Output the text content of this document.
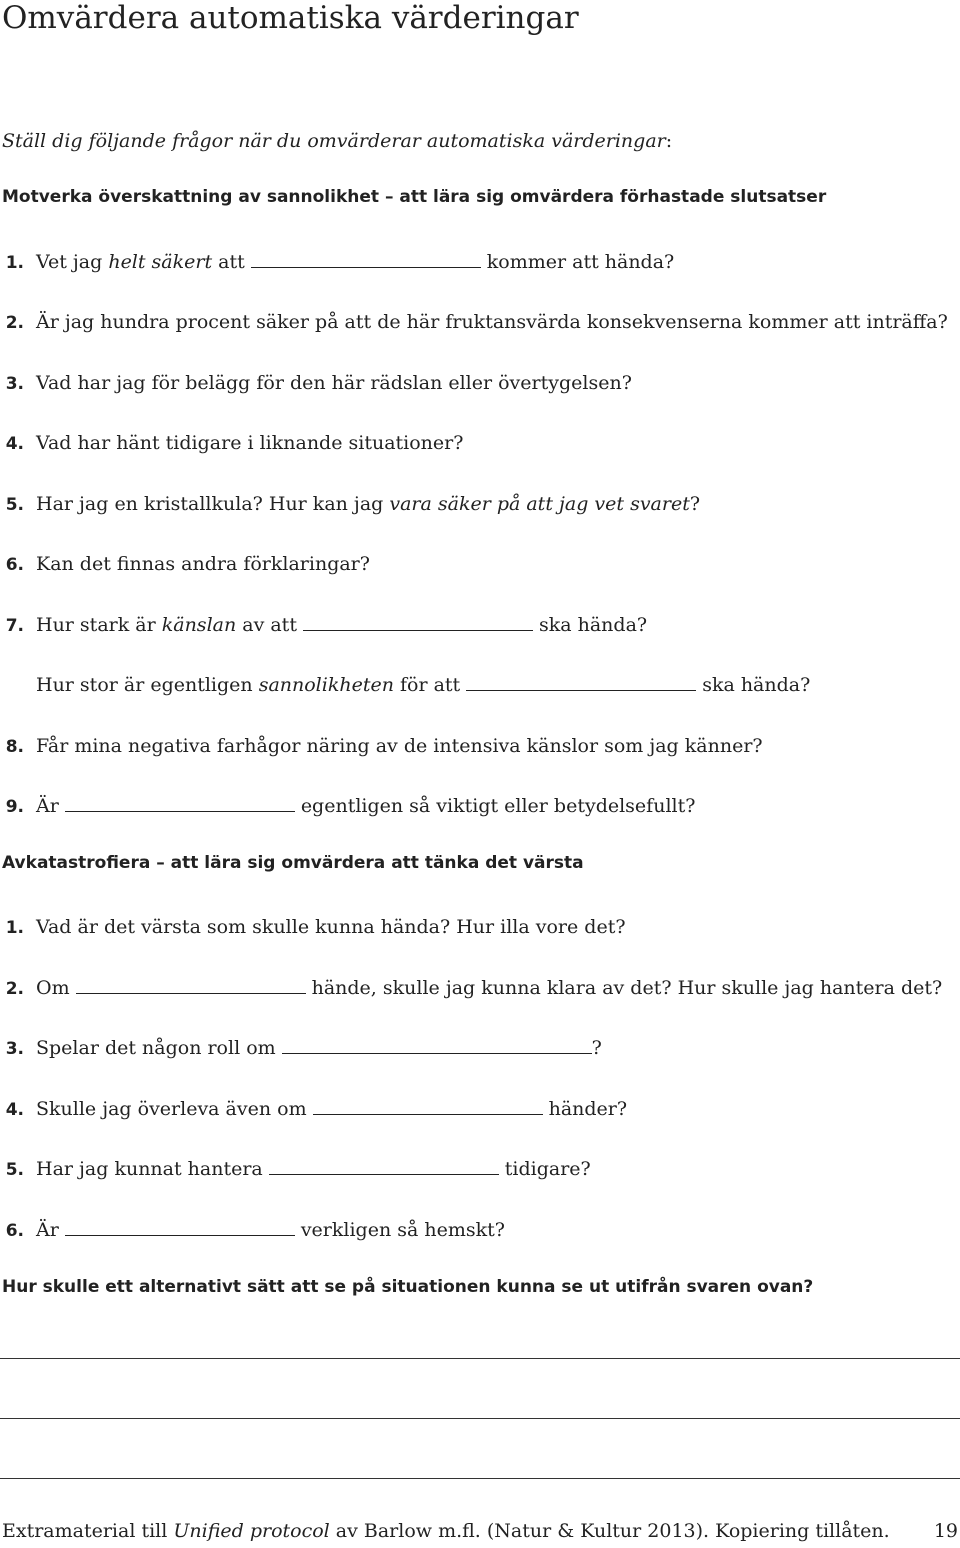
Omvärdera automatiska värderingar
Ställ dig följande frågor när du omvärderar automatiska värderingar:
Motverka överskattning av sannolikhet – att lära sig omvärdera förhastade slutsatser
1. Vet jag helt säkert att	kommer att hända?
2. Är jag hundra procent säker på att de här fruktansvärda konsekvenserna kommer att inträffa?
3. Vad har jag för belägg för den här rädslan eller övertygelsen?
4. Vad har hänt tidigare i liknande situationer?
5. Har jag en kristallkula? Hur kan jag vara säker på att jag vet svaret?
6. Kan det finnas andra förklaringar?
7. Hur stark är känslan av att	ska hända?
Hur stor är egentligen sannolikheten för att	ska hända?
8. Får mina negativa farhågor näring av de intensiva känslor som jag känner?
9. Är	egentligen så viktigt eller betydelsefullt?
Avkatastrofiera – att lära sig omvärdera att tänka det värsta
1. Vad är det värsta som skulle kunna hända? Hur illa vore det?
2. Om	hände, skulle jag kunna klara av det? Hur skulle jag hantera det?
3. Spelar det någon roll om	?
4. Skulle jag överleva även om	händer?
5. Har jag kunnat hantera	tidigare?
6. Är	verkligen så hemskt?
Hur skulle ett alternativt sätt att se på situationen kunna se ut utifrån svaren ovan?
Extramaterial till Unified protocol av Barlow m.fl. (Natur & Kultur 2013). Kopiering tillåten. 19
